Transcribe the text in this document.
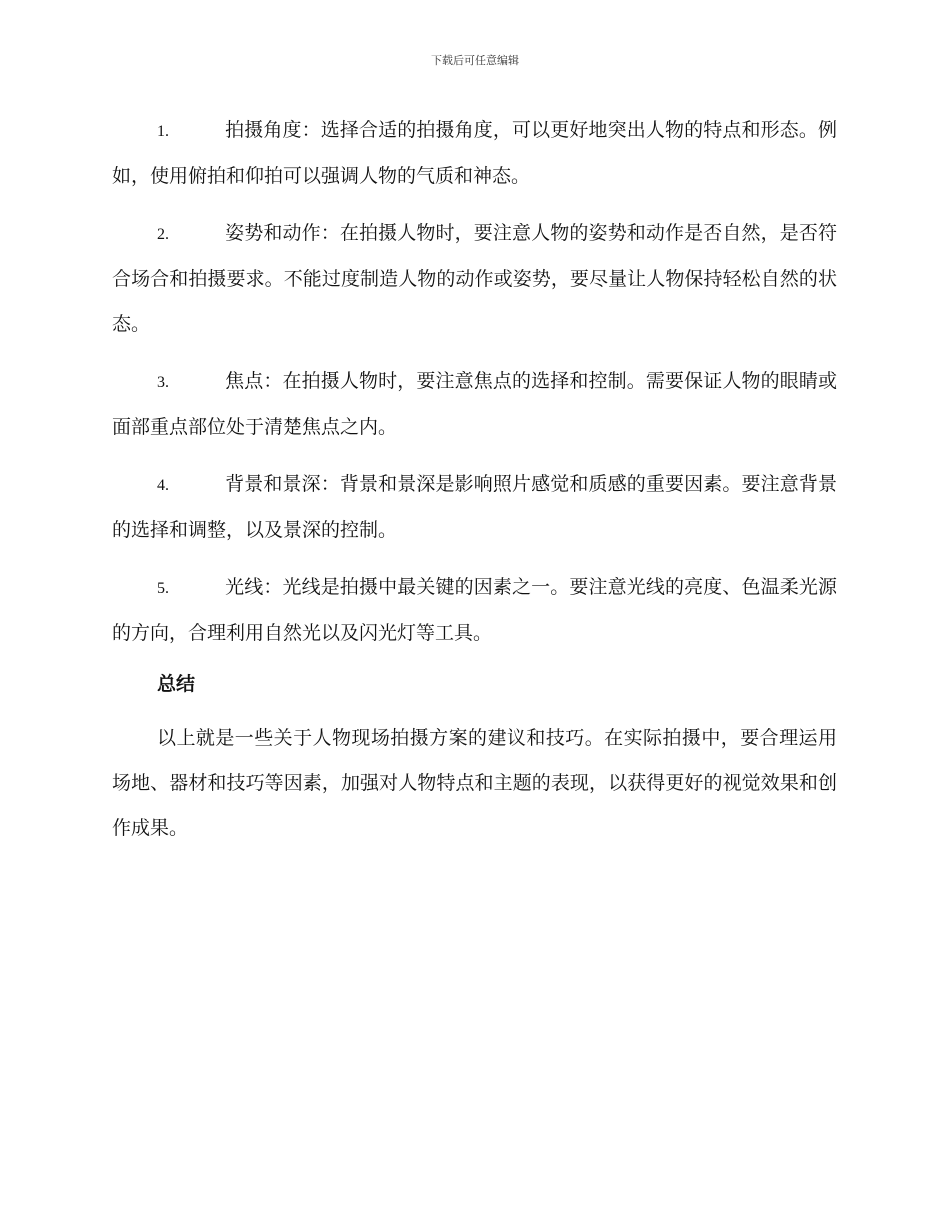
下载后可任意编辑
1.	拍摄角度：选择合适的拍摄角度，可以更好地突出人物的特点和形态。例如，使用俯拍和仰拍可以强调人物的气质和神态。
2.	姿势和动作：在拍摄人物时，要注意人物的姿势和动作是否自然，是否符合场合和拍摄要求。不能过度制造人物的动作或姿势，要尽量让人物保持轻松自然的状态。
3.	焦点：在拍摄人物时，要注意焦点的选择和控制。需要保证人物的眼睛或面部重点部位处于清楚焦点之内。
4.	背景和景深：背景和景深是影响照片感觉和质感的重要因素。要注意背景的选择和调整，以及景深的控制。
5.	光线：光线是拍摄中最关键的因素之一。要注意光线的亮度、色温柔光源的方向，合理利用自然光以及闪光灯等工具。
总结

以上就是一些关于人物现场拍摄方案的建议和技巧。在实际拍摄中，要合理运用场地、器材和技巧等因素，加强对人物特点和主题的表现，以获得更好的视觉效果和创作成果。
